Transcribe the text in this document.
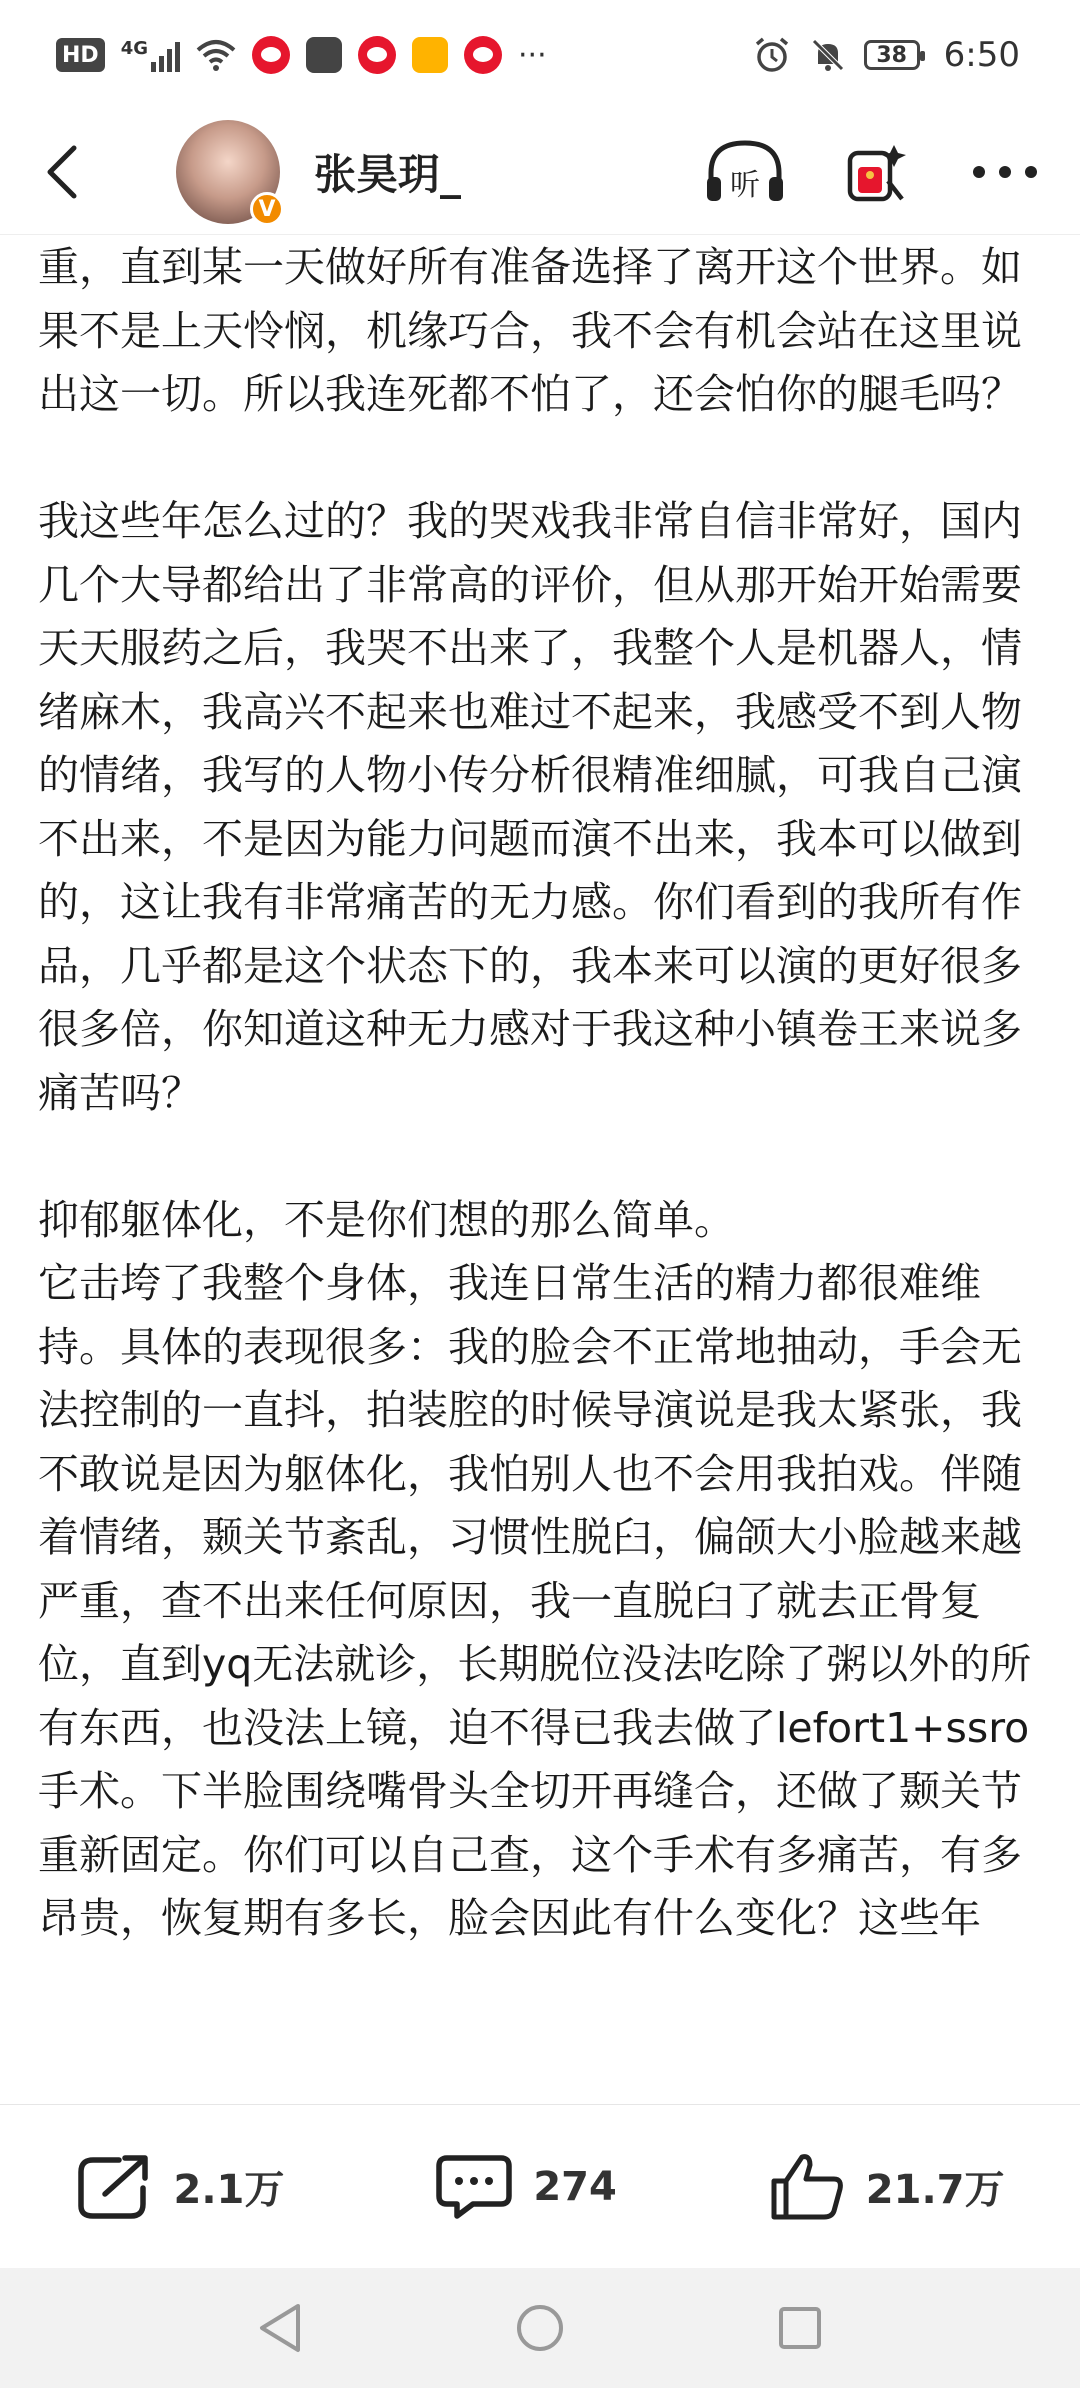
HD	4G	···	38 6:50
V
张昊玥_	听

重，直到某一天做好所有准备选择了离开这个世界。如果不是上天怜悯，机缘巧合，我不会有机会站在这里说出这一切。所以我连死都不怕了，还会怕你的腿毛吗？

我这些年怎么过的？我的哭戏我非常自信非常好，国内几个大导都给出了非常高的评价，但从那开始开始需要天天服药之后，我哭不出来了，我整个人是机器人，情绪麻木，我高兴不起来也难过不起来，我感受不到人物的情绪，我写的人物小传分析很精准细腻，可我自己演不出来，不是因为能力问题而演不出来，我本可以做到的，这让我有非常痛苦的无力感。你们看到的我所有作品，几乎都是这个状态下的，我本来可以演的更好很多很多倍，你知道这种无力感对于我这种小镇卷王来说多痛苦吗？

抑郁躯体化，不是你们想的那么简单。

它击垮了我整个身体，我连日常生活的精力都很难维持。具体的表现很多：我的脸会不正常地抽动，手会无法控制的一直抖，拍装腔的时候导演说是我太紧张，我不敢说是因为躯体化，我怕别人也不会用我拍戏。伴随着情绪，颞关节紊乱，习惯性脱臼，偏颌大小脸越来越严重，查不出来任何原因，我一直脱臼了就去正骨复位，直到yq无法就诊，长期脱位没法吃除了粥以外的所有东西，也没法上镜，迫不得已我去做了lefort1+ssro手术。下半脸围绕嘴骨头全切开再缝合，还做了颞关节重新固定。你们可以自己查，这个手术有多痛苦，有多昂贵，恢复期有多长，脸会因此有什么变化？这些年

2.1万	274	21.7万
